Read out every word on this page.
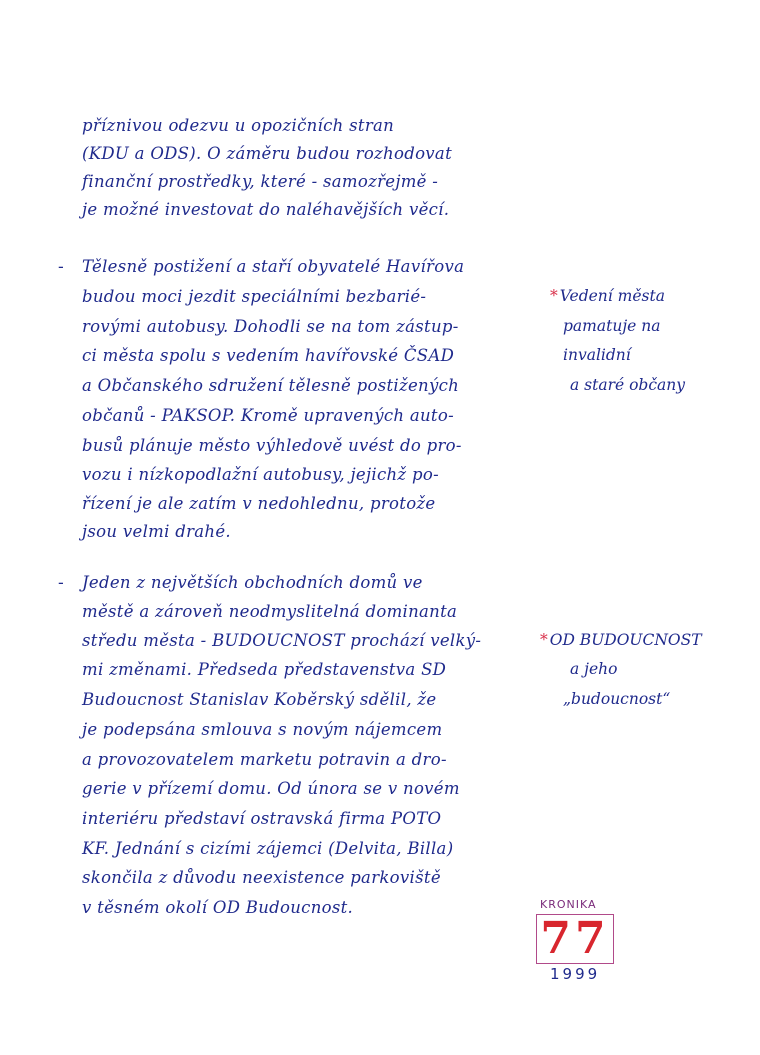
příznivou odezvu u opozičních stran
(KDU a ODS). O záměru budou rozhodovat
finanční prostředky, které - samozřejmě -
je možné investovat do naléhavějších věcí.
- Tělesně postižení a staří obyvatelé Havířova
budou moci jezdit speciálními bezbarié-
rovými autobusy. Dohodli se na tom zástup-
ci města spolu s vedením havířovské ČSAD
a Občanského sdružení tělesně postižených
občanů - PAKSOP. Kromě upravených auto-
busů plánuje město výhledově uvést do pro-
vozu i nízkopodlažní autobusy, jejichž po-
řízení je ale zatím v nedohlednu, protože
jsou velmi drahé.
- Jeden z největších obchodních domů ve
městě a zároveň neodmyslitelná dominanta
středu města - BUDOUCNOST prochází velký-
mi změnami. Předseda představenstva SD
Budoucnost Stanislav Koběrský sdělil, že
je podepsána smlouva s novým nájemcem
a provozovatelem marketu potravin a dro-
gerie v přízemí domu. Od února se v novém
interiéru představí ostravská firma POTO
KF. Jednání s cizími zájemci (Delvita, Billa)
skončila z důvodu neexistence parkoviště
v těsném okolí OD Budoucnost.
* Vedení města
pamatuje na
invalidní
a staré občany
* OD BUDOUCNOST
a jeho
„budoucnost“
KRONIKA
77
1999
